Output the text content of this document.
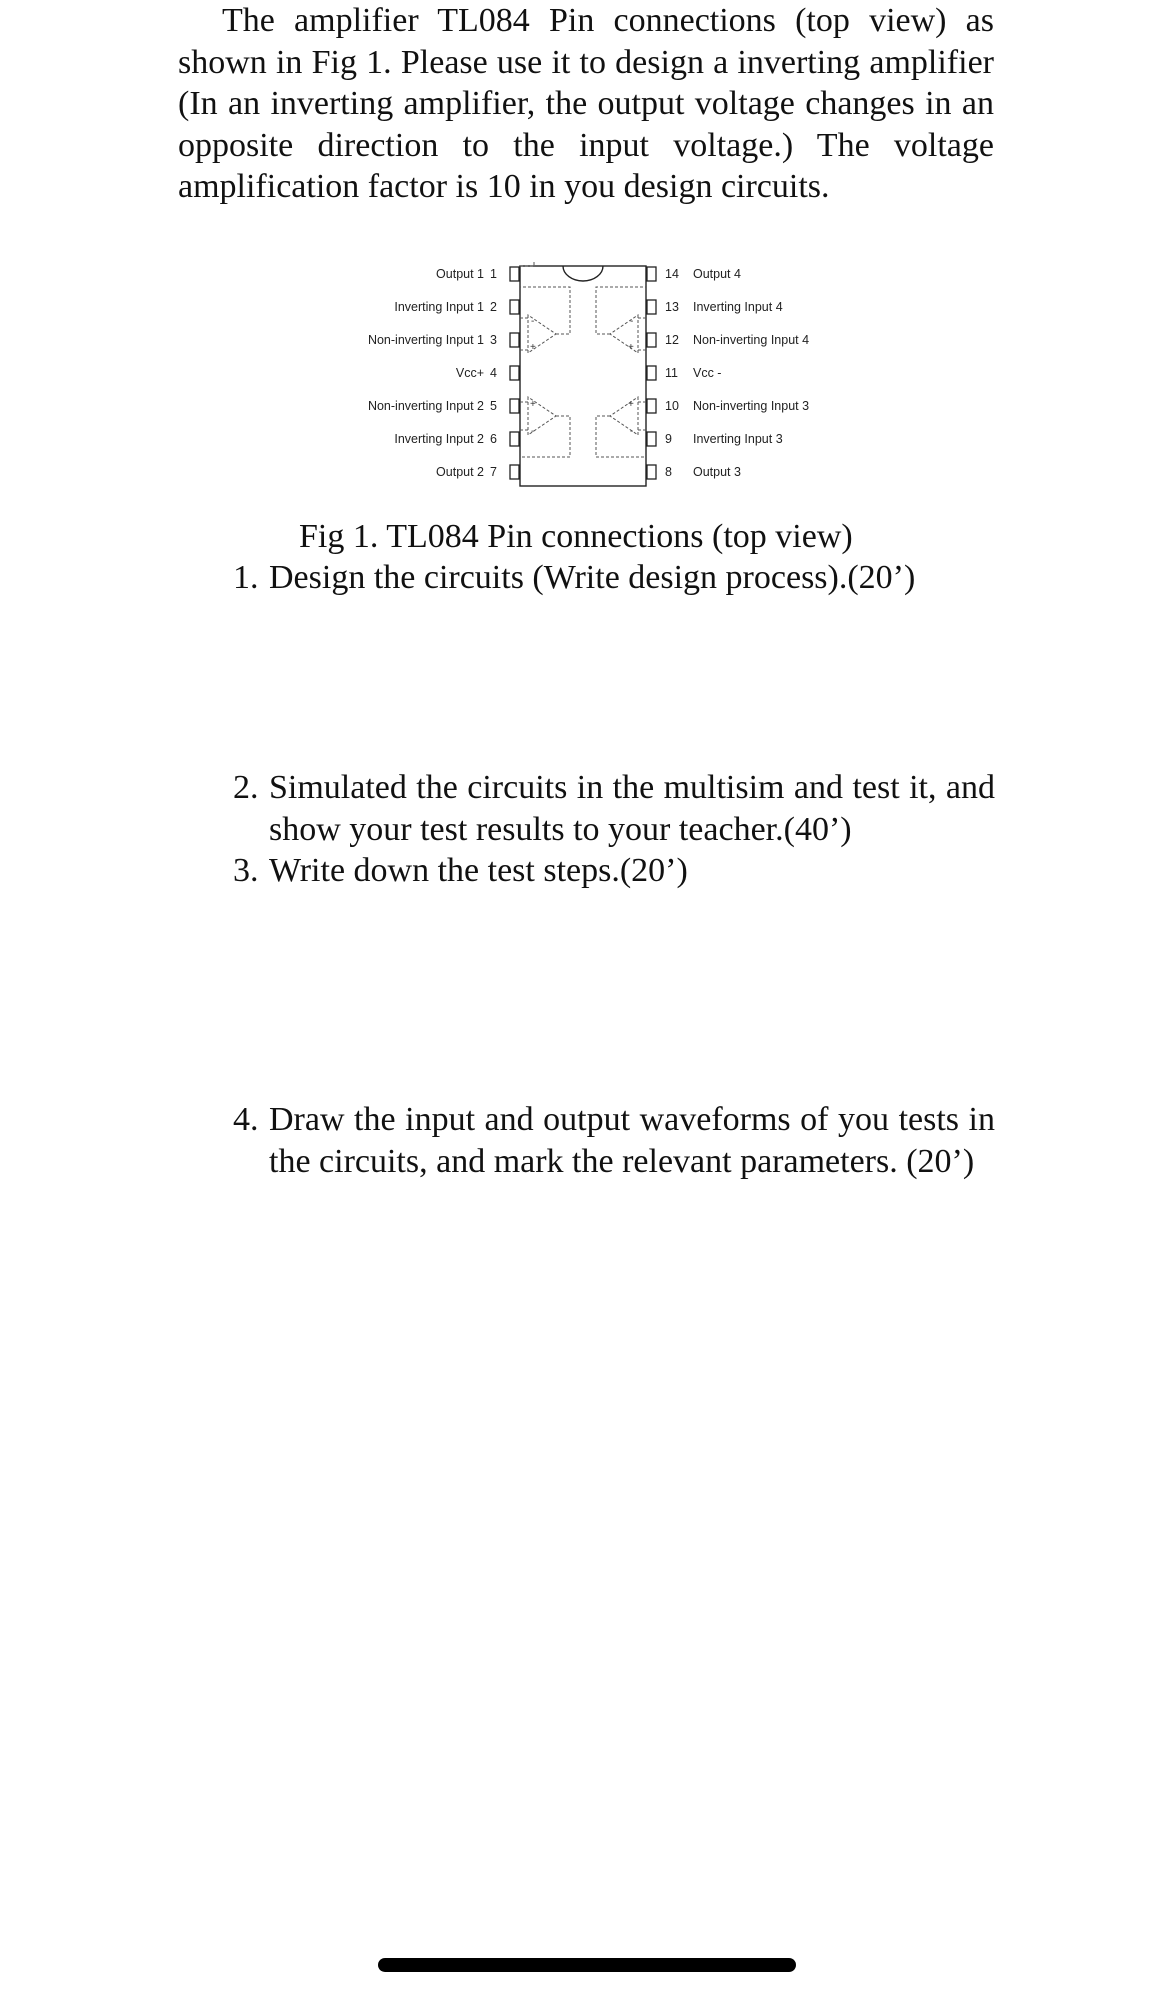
The amplifier TL084 Pin connections (top view) as shown in Fig 1. Please use it to design a inverting amplifier (In an inverting amplifier, the output voltage changes in an opposite direction to the input voltage.) The voltage amplification factor is 10 in you design circuits.

1
Output 1
2
Inverting Input 1
3
Non-inverting Input 1
4
Vcc+
5
Non-inverting Input 2
6
Inverting Input 2
7
Output 2
14 Output 4
13 Inverting Input 4
12 Non-inverting Input 4
11 Vcc -
10 Non-inverting Input 3
9 Inverting Input 3
8 Output 3
-
+
-
+
+
-
+
-

Fig 1. TL084 Pin connections (top view)

1. Design the circuits (Write design process).(20’)
2. Simulated the circuits in the multisim and test it, and show your test results to your teacher.(40’)
3. Write down the test steps.(20’)
4. Draw the input and output waveforms of you tests in the circuits, and mark the relevant parameters. (20’)
